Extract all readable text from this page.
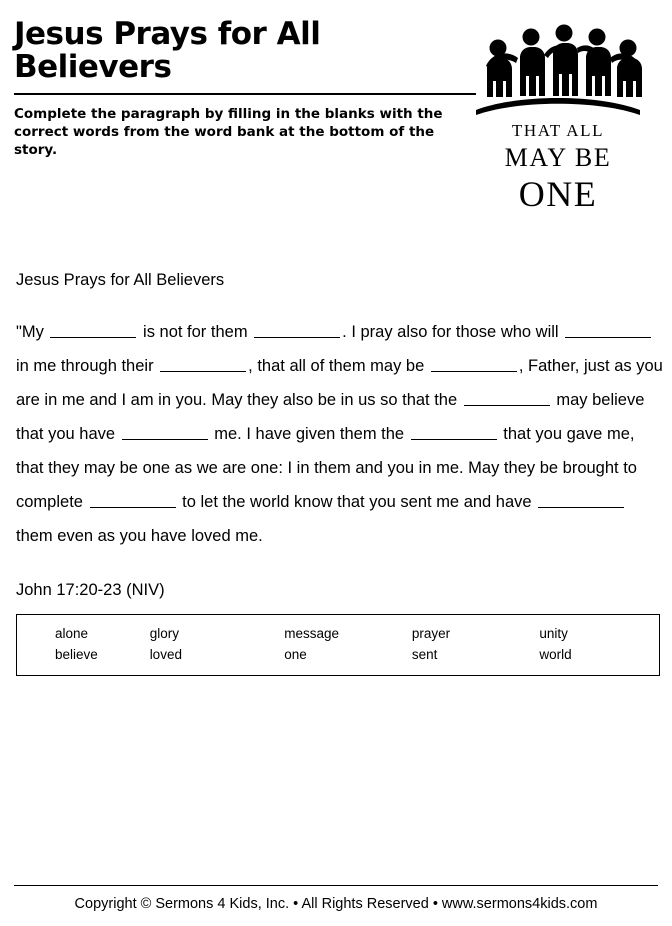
Jesus Prays for All Believers
Complete the paragraph by filling in the blanks with the correct words from the word bank at the bottom of the story.
THAT ALL
MAY BE
ONE
Jesus Prays for All Believers
"My	is not for them	. I pray also for those who will  in me through their	, that all of them may be	, Father, just as you are in me and I am in you. May they also be in us so that the	may believe that you have	me. I have given them the	that you gave me, that they may be one as we are one: I in them and you in me. May they be brought to complete	to let the world know that you sent me and have  them even as you have loved me.
John 17:20-23 (NIV)
alone	glory	message	prayer	unity
believe	loved	one	sent	world
Copyright © Sermons 4 Kids, Inc. • All Rights Reserved • www.sermons4kids.com
